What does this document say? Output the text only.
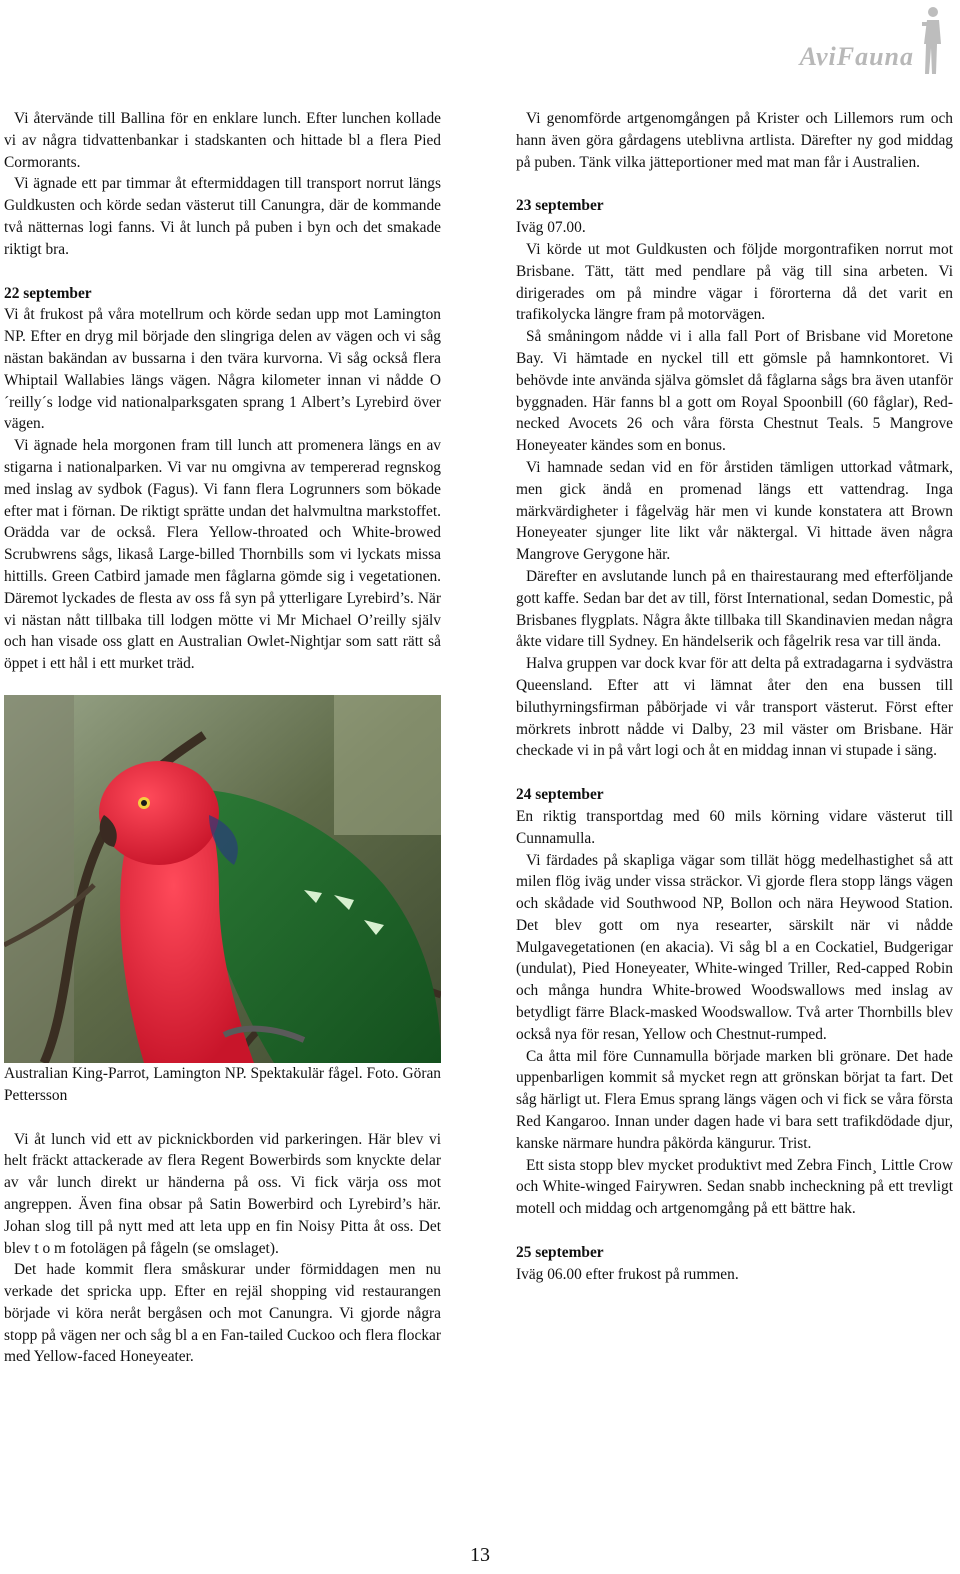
AviFauna

Vi återvände till Ballina för en enklare lunch. Efter lunchen kollade vi av några tidvattenbankar i stadskanten och hittade bl a flera Pied Cormorants.

Vi ägnade ett par timmar åt eftermiddagen till transport norrut längs Guldkusten och körde sedan västerut till Canungra, där de kommande två nätternas logi fanns. Vi åt lunch på puben i byn och det smakade riktigt bra.

22 september

Vi åt frukost på våra motellrum och körde sedan upp mot Lamington NP. Efter en dryg mil började den slingriga delen av vägen och vi såg nästan bakändan av bussarna i den tvära kurvorna. Vi såg också flera Whiptail Wallabies längs vägen. Några kilometer innan vi nådde O´reilly´s lodge vid nationalparksgaten sprang 1 Albert’s Lyrebird över vägen.

Vi ägnade hela morgonen fram till lunch att promenera längs en av stigarna i nationalparken. Vi var nu omgivna av tempererad regnskog med inslag av sydbok (Fagus). Vi fann flera Logrunners som bökade efter mat i förnan. De riktigt sprätte undan det halvmultna markstoffet. Orädda var de också. Flera Yellow-throated och White-browed Scrubwrens sågs, likaså Large-billed Thornbills som vi lyckats missa hittills. Green Catbird jamade men fåglarna gömde sig i vegetationen. Däremot lyckades de flesta av oss få syn på ytterligare Lyrebird’s. När vi nästan nått tillbaka till lodgen mötte vi Mr Michael O’reilly själv och han visade oss glatt en Australian Owlet-Nightjar som satt rätt så öppet i ett hål i ett murket träd.

Australian King-Parrot, Lamington NP. Spektakulär fågel. Foto. Göran Pettersson

Vi åt lunch vid ett av picknickborden vid parkeringen. Här blev vi helt fräckt attackerade av flera Regent Bowerbirds som knyckte delar av vår lunch direkt ur händerna på oss. Vi fick värja oss mot angreppen. Även fina obsar på Satin Bowerbird och Lyrebird’s här. Johan slog till på nytt med att leta upp en fin Noisy Pitta åt oss. Det blev t o m fotolägen på fågeln (se omslaget).

Det hade kommit flera småskurar under förmiddagen men nu verkade det spricka upp. Efter en rejäl shopping vid restaurangen började vi köra neråt bergåsen och mot Canungra. Vi gjorde några stopp på vägen ner och såg bl a en Fan-tailed Cuckoo och flera flockar med Yellow-faced Honeyeater.

Vi genomförde artgenomgången på Krister och Lillemors rum och hann även göra gårdagens uteblivna artlista. Därefter ny god middag på puben. Tänk vilka jätteportioner med mat man får i Australien.

23 september

Iväg 07.00.

Vi körde ut mot Guldkusten och följde morgontrafiken norrut mot Brisbane. Tätt, tätt med pendlare på väg till sina arbeten. Vi dirigerades om på mindre vägar i förorterna då det varit en trafikolycka längre fram på motorvägen.

Så småningom nådde vi i alla fall Port of Brisbane vid Moretone Bay. Vi hämtade en nyckel till ett gömsle på hamnkontoret. Vi behövde inte använda själva gömslet då fåglarna sågs bra även utanför byggnaden. Här fanns bl a gott om Royal Spoonbill (60 fåglar), Red-necked Avocets 26 och våra första Chestnut Teals. 5 Mangrove Honeyeater kändes som en bonus.

Vi hamnade sedan vid en för årstiden tämligen uttorkad våtmark, men gick ändå en promenad längs ett vattendrag. Inga märkvärdigheter i fågelväg här men vi kunde konstatera att Brown Honeyeater sjunger lite likt vår näktergal. Vi hittade även några Mangrove Gerygone här.

Därefter en avslutande lunch på en thairestaurang med efterföljande gott kaffe. Sedan bar det av till, först International, sedan Domestic, på Brisbanes flygplats. Några åkte tillbaka till Skandinavien medan några åkte vidare till Sydney. En händelserik och fågelrik resa var till ända.

Halva gruppen var dock kvar för att delta på extradagarna i sydvästra Queensland. Efter att vi lämnat åter den ena bussen till biluthyrningsfirman påbörjade vi vår transport västerut. Först efter mörkrets inbrott nådde vi Dalby, 23 mil väster om Brisbane. Här checkade vi in på vårt logi och åt en middag innan vi stupade i säng.

24 september

En riktig transportdag med 60 mils körning vidare västerut till Cunnamulla.

Vi färdades på skapliga vägar som tillät högg medelhastighet så att milen flög iväg under vissa sträckor. Vi gjorde flera stopp längs vägen och skådade vid Southwood NP, Bollon och nära Heywood Station. Det blev gott om nya researter, särskilt när vi nådde Mulgavegetationen (en akacia). Vi såg bl a en Cockatiel, Budgerigar (undulat), Pied Honeyeater, White-winged Triller, Red-capped Robin och många hundra White-browed Woodswallows med inslag av betydligt färre Black-masked Woodswallow. Två arter Thornbills blev också nya för resan, Yellow och Chestnut-rumped.

Ca åtta mil före Cunnamulla började marken bli grönare. Det hade uppenbarligen kommit så mycket regn att grönskan börjat ta fart. Det såg härligt ut. Flera Emus sprang längs vägen och vi fick se våra första Red Kangaroo. Innan under dagen hade vi bara sett trafikdödade djur, kanske närmare hundra påkörda kängurur. Trist.

Ett sista stopp blev mycket produktivt med Zebra Finch¸ Little Crow och White-winged Fairywren. Sedan snabb incheckning på ett trevligt motell och middag och artgenomgång på ett bättre hak.

25 september

Iväg 06.00 efter frukost på rummen.

13
